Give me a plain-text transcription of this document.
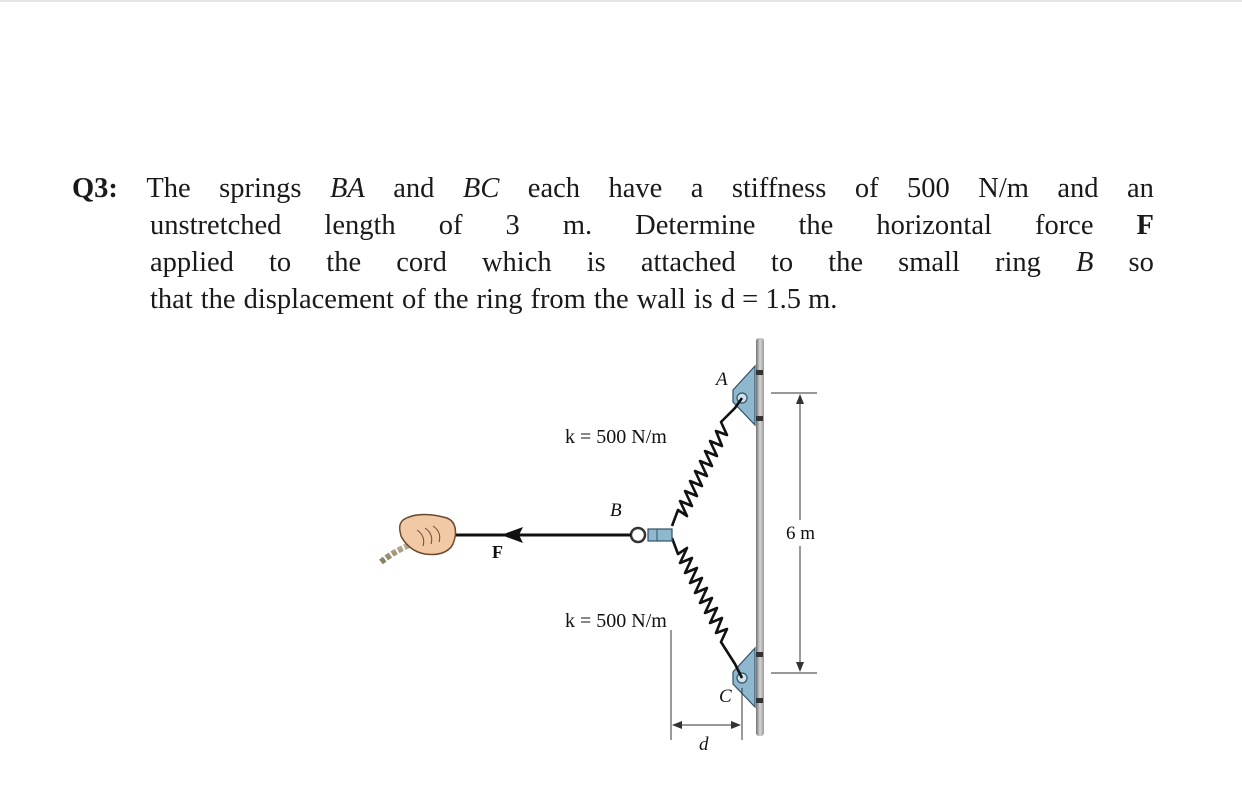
Q3: The springs BA and BC each have a stiffness of 500 N/m and an
unstretched length of 3 m. Determine the horizontal force F
applied to the cord which is attached to the small ring B so
that the displacement of the ring from the wall is d = 1.5 m.
A
B
C
F
d
k = 500 N/m
k = 500 N/m
6 m
